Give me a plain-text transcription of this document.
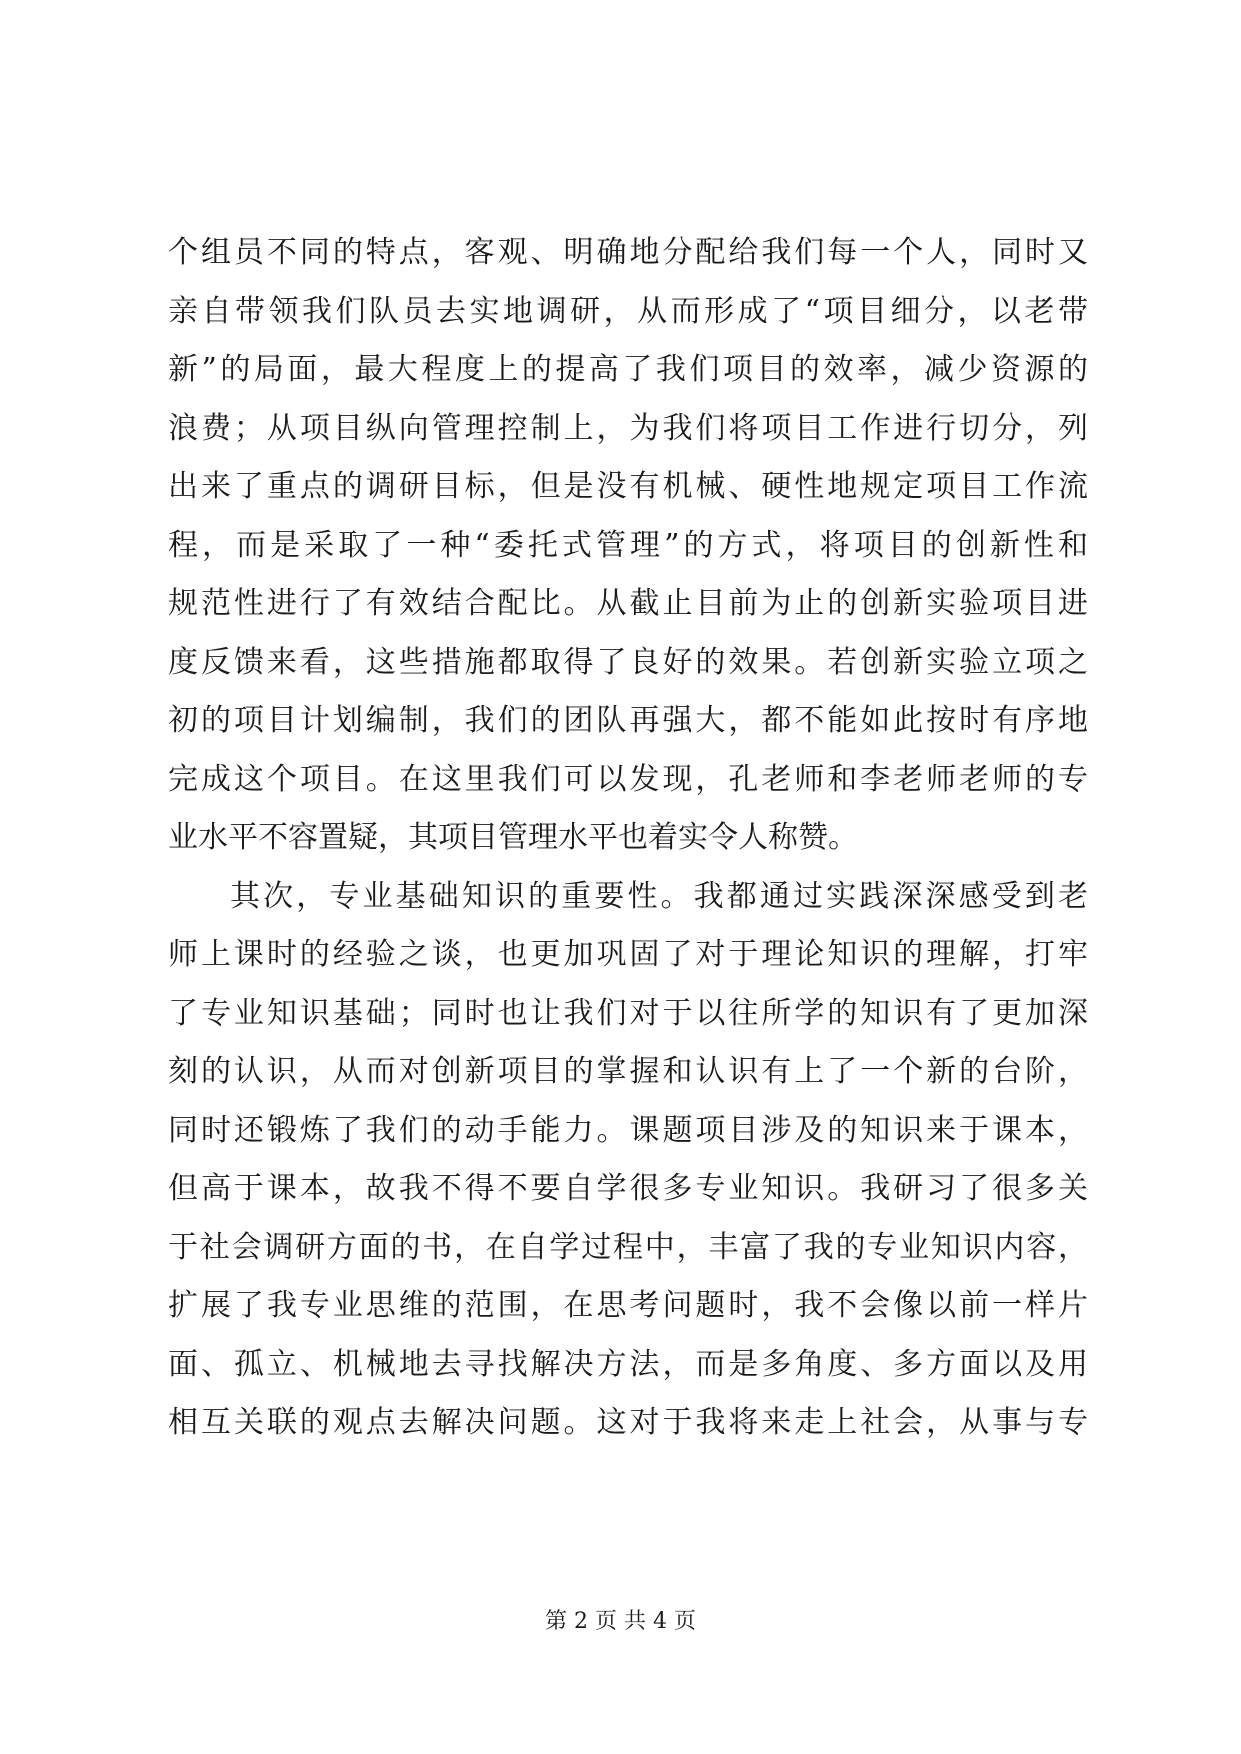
个组员不同的特点，客观、明确地分配给我们每一个人，同时又
亲自带领我们队员去实地调研，从而形成了“项目细分，以老带
新”的局面，最大程度上的提高了我们项目的效率，减少资源的
浪费；从项目纵向管理控制上，为我们将项目工作进行切分，列
出来了重点的调研目标，但是没有机械、硬性地规定项目工作流
程，而是采取了一种“委托式管理”的方式，将项目的创新性和
规范性进行了有效结合配比。从截止目前为止的创新实验项目进
度反馈来看，这些措施都取得了良好的效果。若创新实验立项之
初的项目计划编制，我们的团队再强大，都不能如此按时有序地
完成这个项目。在这里我们可以发现，孔老师和李老师老师的专
业水平不容置疑，其项目管理水平也着实令人称赞。
其次，专业基础知识的重要性。我都通过实践深深感受到老
师上课时的经验之谈，也更加巩固了对于理论知识的理解，打牢
了专业知识基础；同时也让我们对于以往所学的知识有了更加深
刻的认识，从而对创新项目的掌握和认识有上了一个新的台阶，
同时还锻炼了我们的动手能力。课题项目涉及的知识来于课本，
但高于课本，故我不得不要自学很多专业知识。我研习了很多关
于社会调研方面的书，在自学过程中，丰富了我的专业知识内容，
扩展了我专业思维的范围，在思考问题时，我不会像以前一样片
面、孤立、机械地去寻找解决方法，而是多角度、多方面以及用
相互关联的观点去解决问题。这对于我将来走上社会，从事与专
第 2 页 共 4 页
